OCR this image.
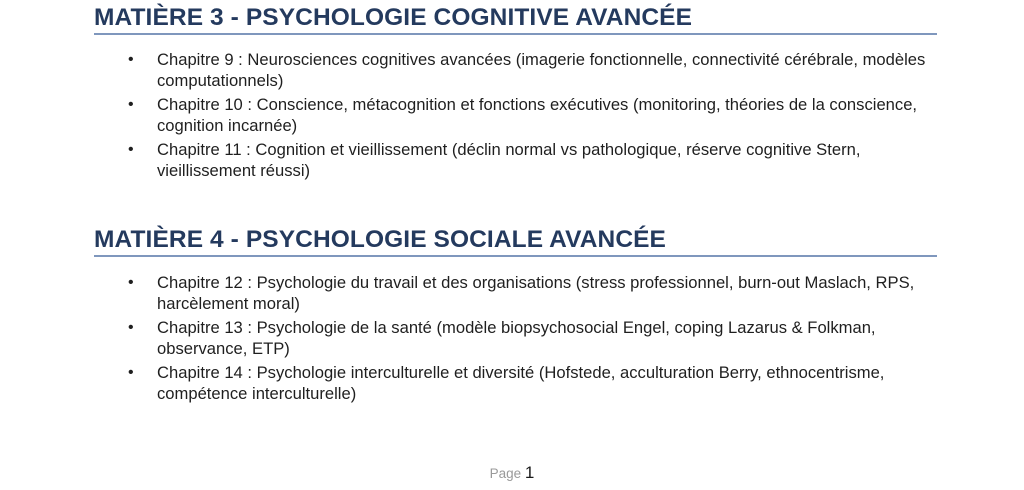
MATIÈRE 3 - PSYCHOLOGIE COGNITIVE AVANCÉE
• Chapitre 9 : Neurosciences cognitives avancées (imagerie fonctionnelle, connectivité cérébrale, modèles computationnels)
• Chapitre 10 : Conscience, métacognition et fonctions exécutives (monitoring, théories de la conscience, cognition incarnée)
• Chapitre 11 : Cognition et vieillissement (déclin normal vs pathologique, réserve cognitive Stern, vieillissement réussi)
MATIÈRE 4 - PSYCHOLOGIE SOCIALE AVANCÉE
• Chapitre 12 : Psychologie du travail et des organisations (stress professionnel, burn-out Maslach, RPS, harcèlement moral)
• Chapitre 13 : Psychologie de la santé (modèle biopsychosocial Engel, coping Lazarus & Folkman, observance, ETP)
• Chapitre 14 : Psychologie interculturelle et diversité (Hofstede, acculturation Berry, ethnocentrisme, compétence interculturelle)
Page 1
